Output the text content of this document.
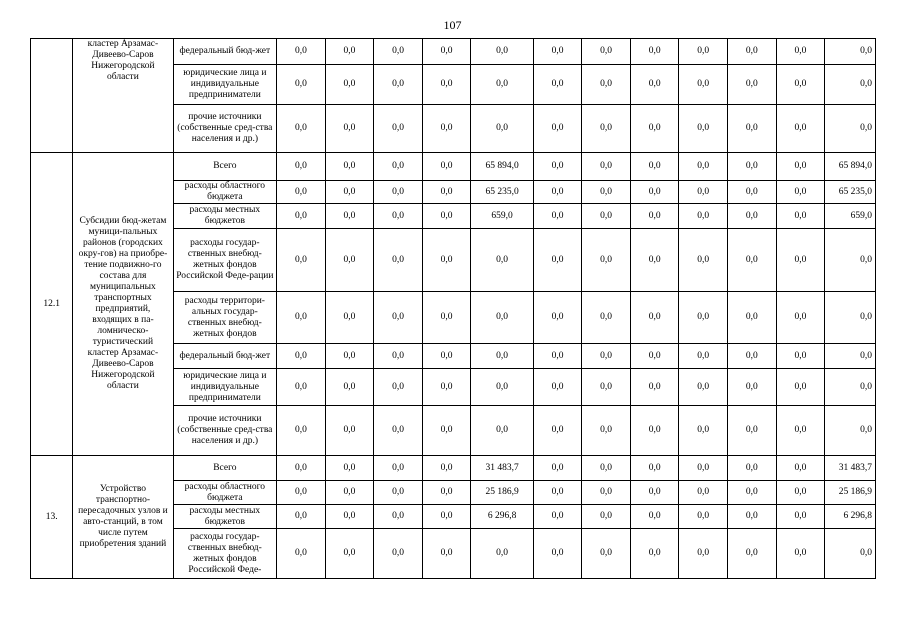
107
	кластер Арзамас-Дивеево-Саров Нижегородской области	федеральный бюд-жет	0,0	0,0	0,0	0,0	0,0	0,0	0,0	0,0	0,0	0,0	0,0	0,0
		юридические лица и индивидуальные предприниматели	0,0	0,0	0,0	0,0	0,0	0,0	0,0	0,0	0,0	0,0	0,0	0,0
		прочие источники (собственные сред-ства населения и др.)	0,0	0,0	0,0	0,0	0,0	0,0	0,0	0,0	0,0	0,0	0,0	0,0
12.1	Субсидии бюд-жетам муници-пальных районов (городских окру-гов) на приобре-тение подвижно-го состава для муниципальных транспортных предприятий, входящих в па-ломническо-туристический кластер Арзамас-Дивеево-Саров Нижегородской области	Всего	0,0	0,0	0,0	0,0	65 894,0	0,0	0,0	0,0	0,0	0,0	0,0	65 894,0
		расходы областного бюджета	0,0	0,0	0,0	0,0	65 235,0	0,0	0,0	0,0	0,0	0,0	0,0	65 235,0
		расходы местных бюджетов	0,0	0,0	0,0	0,0	659,0	0,0	0,0	0,0	0,0	0,0	0,0	659,0
		расходы государ-ственных внебюд-жетных фондов Российской Феде-рации	0,0	0,0	0,0	0,0	0,0	0,0	0,0	0,0	0,0	0,0	0,0	0,0
		расходы территори-альных государ-ственных внебюд-жетных фондов	0,0	0,0	0,0	0,0	0,0	0,0	0,0	0,0	0,0	0,0	0,0	0,0
		федеральный бюд-жет	0,0	0,0	0,0	0,0	0,0	0,0	0,0	0,0	0,0	0,0	0,0	0,0
		юридические лица и индивидуальные предприниматели	0,0	0,0	0,0	0,0	0,0	0,0	0,0	0,0	0,0	0,0	0,0	0,0
		прочие источники (собственные сред-ства населения и др.)	0,0	0,0	0,0	0,0	0,0	0,0	0,0	0,0	0,0	0,0	0,0	0,0
13.	Устройство транспортно-пересадочных узлов и авто-станций, в том числе путем приобретения зданий	Всего	0,0	0,0	0,0	0,0	31 483,7	0,0	0,0	0,0	0,0	0,0	0,0	31 483,7
		расходы областного бюджета	0,0	0,0	0,0	0,0	25 186,9	0,0	0,0	0,0	0,0	0,0	0,0	25 186,9
		расходы местных бюджетов	0,0	0,0	0,0	0,0	6 296,8	0,0	0,0	0,0	0,0	0,0	0,0	6 296,8
		расходы государ-ственных внебюд-жетных фондов Российской Феде-	0,0	0,0	0,0	0,0	0,0	0,0	0,0	0,0	0,0	0,0	0,0	0,0
